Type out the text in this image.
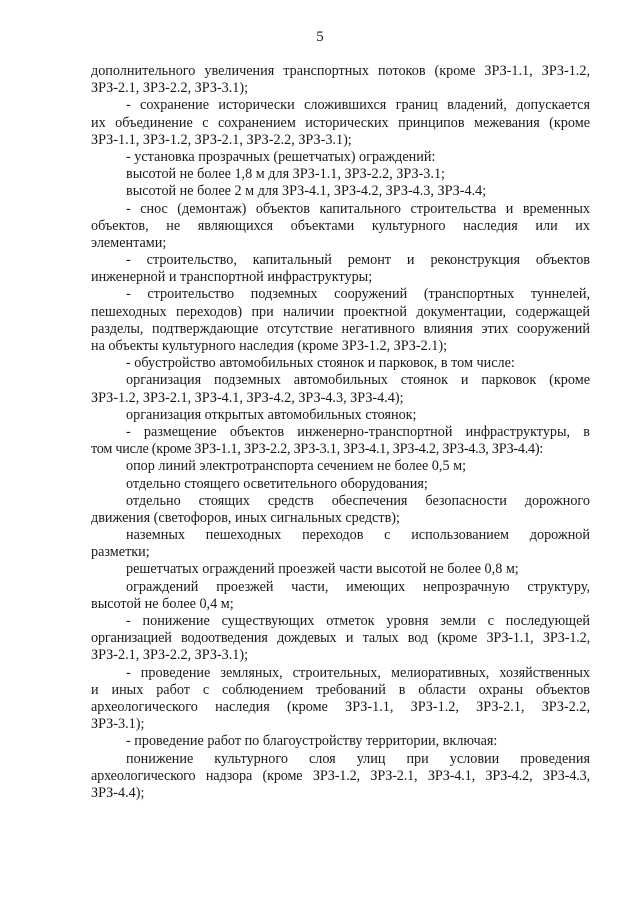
5
дополнительного увеличения транспортных потоков (кроме ЗРЗ-1.1, ЗРЗ-1.2,
ЗРЗ-2.1, ЗРЗ-2.2, ЗРЗ-3.1);
- сохранение исторически сложившихся границ владений, допускается
их объединение с сохранением исторических принципов межевания (кроме
ЗРЗ-1.1, ЗРЗ-1.2, ЗРЗ-2.1, ЗРЗ-2.2, ЗРЗ-3.1);
- установка прозрачных (решетчатых) ограждений:
высотой не более 1,8 м для ЗРЗ-1.1, ЗРЗ-2.2, ЗРЗ-3.1;
высотой не более 2 м для ЗРЗ-4.1, ЗРЗ-4.2, ЗРЗ-4.3, ЗРЗ-4.4;
- снос (демонтаж) объектов капитального строительства и временных
объектов, не являющихся объектами культурного наследия или их
элементами;
- строительство, капитальный ремонт и реконструкция объектов
инженерной и транспортной инфраструктуры;
- строительство подземных сооружений (транспортных туннелей,
пешеходных переходов) при наличии проектной документации, содержащей
разделы, подтверждающие отсутствие негативного влияния этих сооружений
на объекты культурного наследия (кроме ЗРЗ-1.2, ЗРЗ-2.1);
- обустройство автомобильных стоянок и парковок, в том числе:
организация подземных автомобильных стоянок и парковок (кроме
ЗРЗ-1.2, ЗРЗ-2.1, ЗРЗ-4.1, ЗРЗ-4.2, ЗРЗ-4.3, ЗРЗ-4.4);
организация открытых автомобильных стоянок;
- размещение объектов инженерно-транспортной инфраструктуры, в
том числе (кроме ЗРЗ-1.1, ЗРЗ-2.2, ЗРЗ-3.1, ЗРЗ-4.1, ЗРЗ-4.2, ЗРЗ-4.3, ЗРЗ-4.4):
опор линий электротранспорта сечением не более 0,5 м;
отдельно стоящего осветительного оборудования;
отдельно стоящих средств обеспечения безопасности дорожного
движения (светофоров, иных сигнальных средств);
наземных пешеходных переходов с использованием дорожной
разметки;
решетчатых ограждений проезжей части высотой не более 0,8 м;
ограждений проезжей части, имеющих непрозрачную структуру,
высотой не более 0,4 м;
- понижение существующих отметок уровня земли с последующей
организацией водоотведения дождевых и талых вод (кроме ЗРЗ-1.1, ЗРЗ-1.2,
ЗРЗ-2.1, ЗРЗ-2.2, ЗРЗ-3.1);
- проведение земляных, строительных, мелиоративных, хозяйственных
и иных работ с соблюдением требований в области охраны объектов
археологического наследия (кроме ЗРЗ-1.1, ЗРЗ-1.2, ЗРЗ-2.1, ЗРЗ-2.2,
ЗРЗ-3.1);
- проведение работ по благоустройству территории, включая:
понижение культурного слоя улиц при условии проведения
археологического надзора (кроме ЗРЗ-1.2, ЗРЗ-2.1, ЗРЗ-4.1, ЗРЗ-4.2, ЗРЗ-4.3,
ЗРЗ-4.4);
